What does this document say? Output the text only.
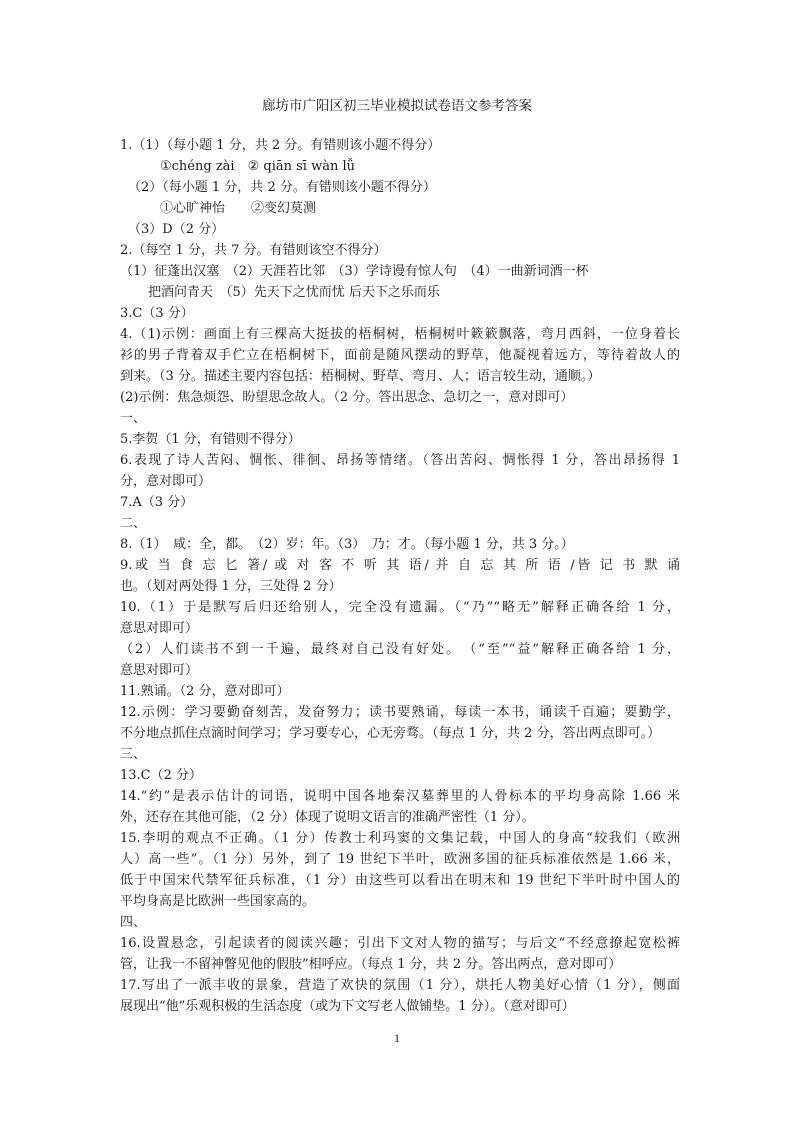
廊坊市广阳区初三毕业模拟试卷语文参考答案
1.（1）（每小题 1 分，共 2 分。有错则该小题不得分）
①chéng zài　② qiān sī wàn lǚ
（2）（每小题 1 分，共 2 分。有错则该小题不得分）
①心旷神怡　　②变幻莫测
（3）D（2 分）
2.（每空 1 分，共 7 分。有错则该空不得分）
（1）征蓬出汉塞　（2）天涯若比邻　（3）学诗谩有惊人句　（4）一曲新词酒一杯
把酒问青天　（5）先天下之忧而忧 后天下之乐而乐
3.C（3 分）
4.（1)示例：画面上有三棵高大挺拔的梧桐树，梧桐树叶簌簌飘落，弯月西斜，一位身着长
衫的男子背着双手伫立在梧桐树下，面前是随风摆动的野草，他凝视着远方，等待着故人的
到来。（3 分。描述主要内容包括：梧桐树、野草、弯月、人；语言较生动，通顺。）
(2)示例：焦急烦怨、盼望思念故人。（2 分。答出思念、急切之一，意对即可）
一、
5.李贺（1 分，有错则不得分）
6.表现了诗人苦闷、惆怅、徘徊、昂扬等情绪。（答出苦闷、惆怅得 1 分，答出昂扬得 1
分，意对即可）
7.A（3 分）
二、
8.（1）　咸：全，都。　（2）岁：年。（3）　乃：才。（每小题 1 分，共 3 分。）
9.或 当 食 忘 匕 箸/ 或 对 客 不 听 其 语/ 并 自 忘 其 所 语 /皆 记 书 默 诵
也。（划对两处得 1 分，三处得 2 分）
10.（1）于是默写后归还给别人，完全没有遗漏。（“乃”“略无”解释正确各给 1 分，
意思对即可）
（2）人们读书不到一千遍，最终对自己没有好处。　（“至”“益”解释正确各给 1 分，
意思对即可）
11.熟诵。（2 分，意对即可）
12.示例：学习要勤奋刻苦，发奋努力；读书要熟诵，每读一本书，诵读千百遍；要勤学，
不分地点抓住点滴时间学习；学习要专心，心无旁骛。（每点 1 分，共 2 分，答出两点即可。）
三、
13.C（2 分）
14.“约”是表示估计的词语，说明中国各地秦汉墓葬里的人骨标本的平均身高除 1.66 米
外，还存在其他可能，（2 分）体现了说明文语言的准确严密性（1 分）。
15.李明的观点不正确。（1 分）传教士利玛窦的文集记载，中国人的身高“较我们（欧洲
人）高一些”。（1 分）另外，到了 19 世纪下半叶，欧洲多国的征兵标准依然是 1.66 米，
低于中国宋代禁军征兵标准，（1 分）由这些可以看出在明末和 19 世纪下半叶时中国人的
平均身高是比欧洲一些国家高的。
四、
16.设置悬念，引起读者的阅读兴趣；引出下文对人物的描写；与后文“不经意撩起宽松裤
管，让我一不留神瞥见他的假肢”相呼应。（每点 1 分，共 2 分。答出两点，意对即可）
17.写出了一派丰收的景象，营造了欢快的氛围（1 分），烘托人物美好心情（1 分），侧面
展现出“他”乐观积极的生活态度（或为下文写老人做铺垫。1 分）。（意对即可）
1
